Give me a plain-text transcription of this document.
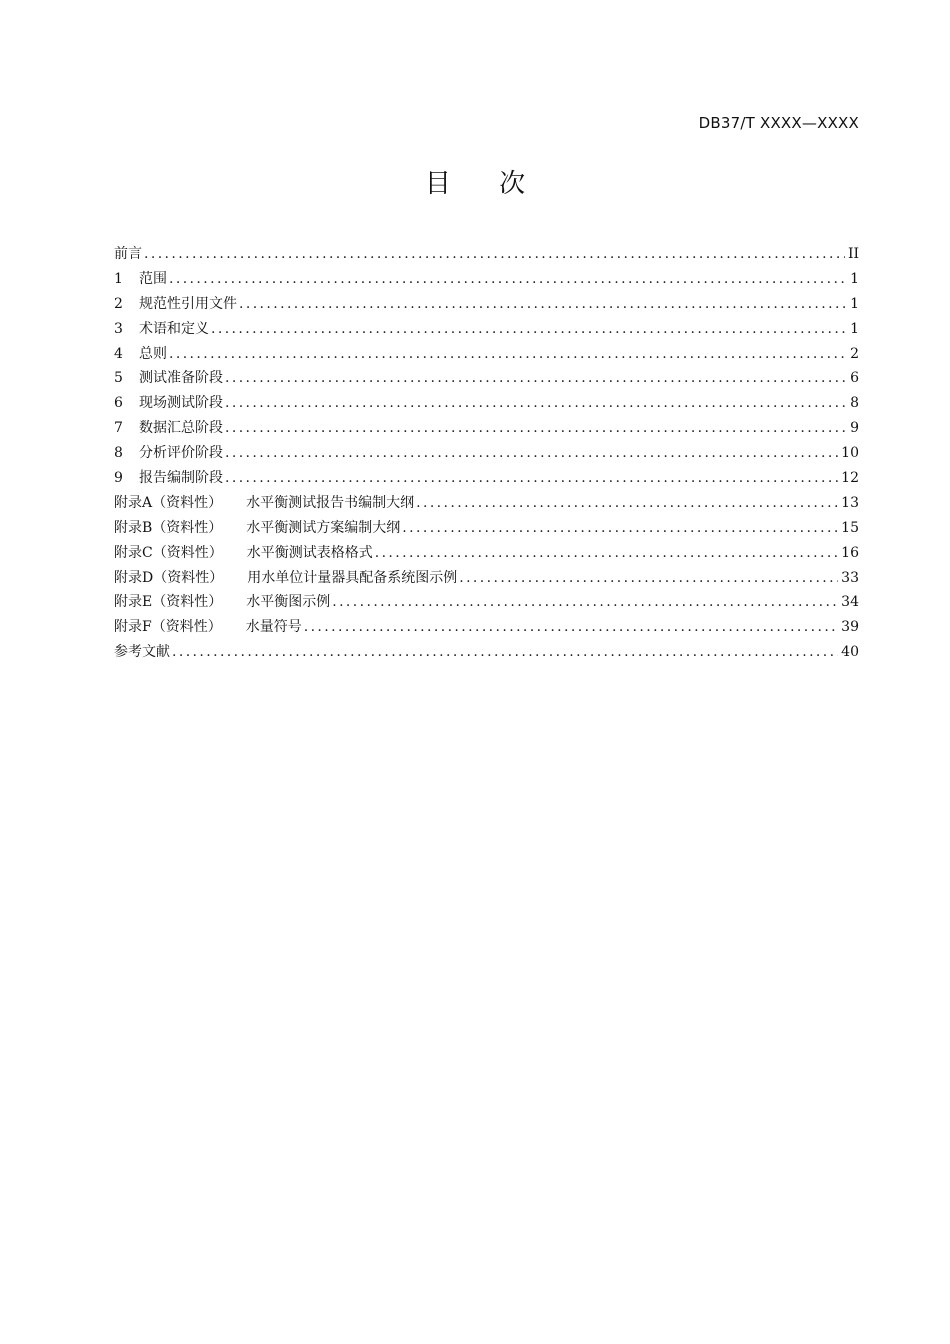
DB37/T XXXX—XXXX
目 次
前言 .....	II
1	范围 .....	1
2	规范性引用文件 .....	1
3	术语和定义 .....	1
4	总则 .....	2
5	测试准备阶段 .....	6
6	现场测试阶段 .....	8
7	数据汇总阶段 .....	9
8	分析评价阶段 .....	10
9	报告编制阶段 .....	12
附录A（资料性） 水平衡测试报告书编制大纲 .....	13
附录B（资料性） 水平衡测试方案编制大纲 .....	15
附录C（资料性） 水平衡测试表格格式 .....	16
附录D（资料性） 用水单位计量器具配备系统图示例 .....	33
附录E（资料性） 水平衡图示例 .....	34
附录F（资料性） 水量符号 .....	39
参考文献 .....	40
